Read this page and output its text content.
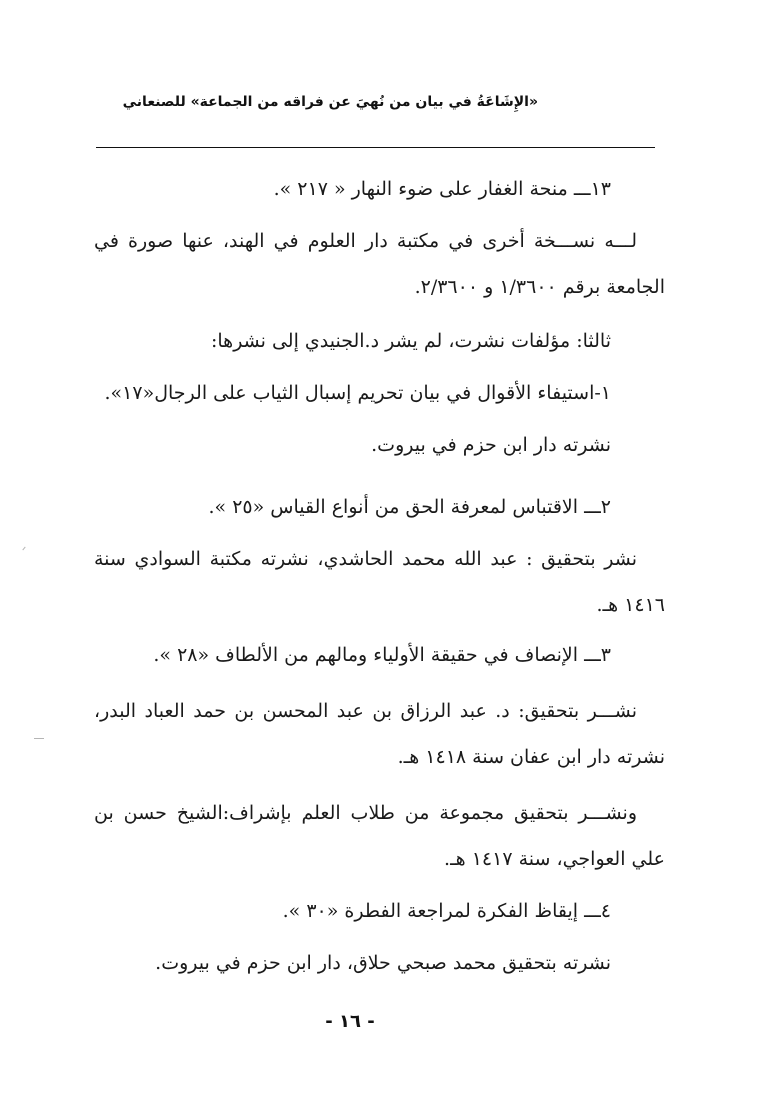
«الإِشَاعَةُ في بيان من نُهيَ عن فراقه من الجماعة» للصنعاني

١٣ـــ منحة الغفار على ضوء النهار « ٢١٧ ».

لـــه نســـخة أخرى في مكتبة دار العلوم في الهند، عنها صورة في الجامعة برقم ١/٣٦٠٠ و ٢/٣٦٠٠.

ثالثا: مؤلفات نشرت، لم يشر د.الجنيدي إلى نشرها:

١-استيفاء الأقوال في بيان تحريم إسبال الثياب على الرجال«١٧».

نشرته دار ابن حزم في بيروت.

٢ـــ الاقتباس لمعرفة الحق من أنواع القياس «٢٥ ».

نشر بتحقيق : عبد الله محمد الحاشدي، نشرته مكتبة السوادي سنة ١٤١٦ هـ.

٣ـــ الإنصاف في حقيقة الأولياء ومالهم من الألطاف «٢٨ ».

نشـــر بتحقيق: د. عبد الرزاق بن عبد المحسن بن حمد العباد البدر، نشرته دار ابن عفان سنة ١٤١٨ هـ.

ونشـــر بتحقيق مجموعة من طلاب العلم بإشراف:الشيخ حسن بن علي العواجي، سنة ١٤١٧ هـ.

٤ـــ إيقاظ الفكرة لمراجعة الفطرة «٣٠ ».

نشرته بتحقيق محمد صبحي حلاق، دار ابن حزم في بيروت.

- ١٦ -
